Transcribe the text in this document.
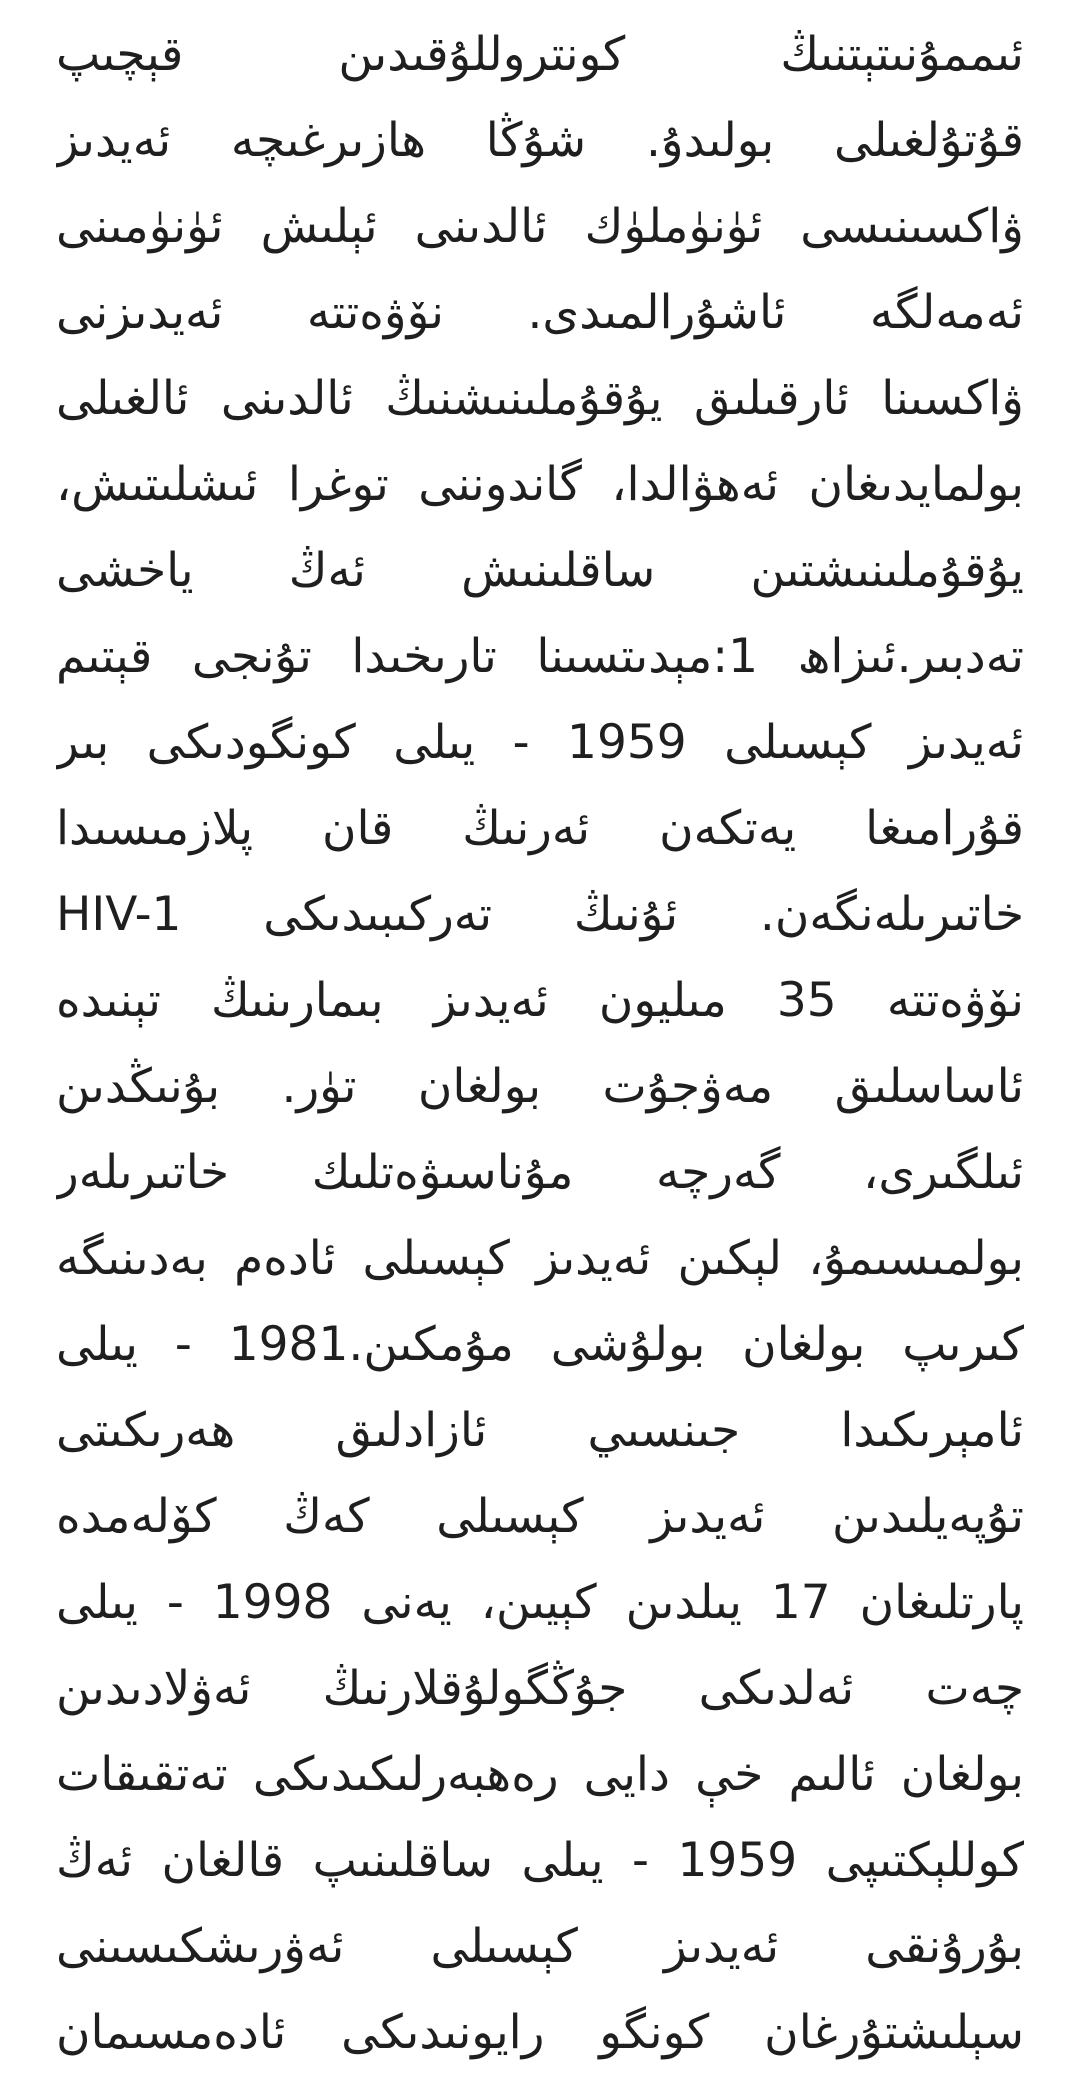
ئىممۇنىتېتنىڭ كونتروللۇقىدىن قېچىپ
قۇتۇلغىلى بولىدۇ. شۇڭا ھازىرغىچە ئەيدىز
ۋاكسىنىسى ئۈنۈملۈك ئالدىنى ئېلىش ئۈنۈمىنى
ئەمەلگە ئاشۇرالمىدى. نۆۋەتتە ئەيدىزنى
ۋاكسىنا ئارقىلىق يۇقۇملىنىشنىڭ ئالدىنى ئالغىلى
بولمايدىغان ئەھۋالدا، گاندوننى توغرا ئىشلىتىش،
يۇقۇملىنىشتىن ساقلىنىش ئەڭ ياخشى
تەدبىر.ئىزاھ 1:مېدىتسىنا تارىخىدا تۇنجى قېتىم
ئەيدىز كېسىلى 1959 - يىلى كونگودىكى بىر
قۇرامىغا يەتكەن ئەرنىڭ قان پلازمىسىدا
خاتىرىلەنگەن. ئۇنىڭ تەركىبىدىكى HIV-1
نۆۋەتتە 35 مىليون ئەيدىز بىمارىنىڭ تېنىدە
ئاساسلىق مەۋجۇت بولغان تۈر. بۇنىڭدىن
ئىلگىرى، گەرچە مۇناسىۋەتلىك خاتىرىلەر
بولمىسىمۇ، لېكىن ئەيدىز كېسىلى ئادەم بەدىنىگە
كىرىپ بولغان بولۇشى مۇمكىن.1981 - يىلى
ئامېرىكىدا جىنسىي ئازادلىق ھەرىكىتى
تۇپەيلىدىن ئەيدىز كېسىلى كەڭ كۆلەمدە
پارتلىغان 17 يىلدىن كېيىن، يەنى 1998 - يىلى
چەت ئەلدىكى جۇڭگولۇقلارنىڭ ئەۋلادىدىن
بولغان ئالىم خې دايى رەھبەرلىكىدىكى تەتقىقات
كوللېكتىپى 1959 - يىلى ساقلىنىپ قالغان ئەڭ
بۇرۇنقى ئەيدىز كېسىلى ئەۋرىشكىسىنى
سېلىشتۇرغان كونگو رايونىدىكى ئادەمسىمان
